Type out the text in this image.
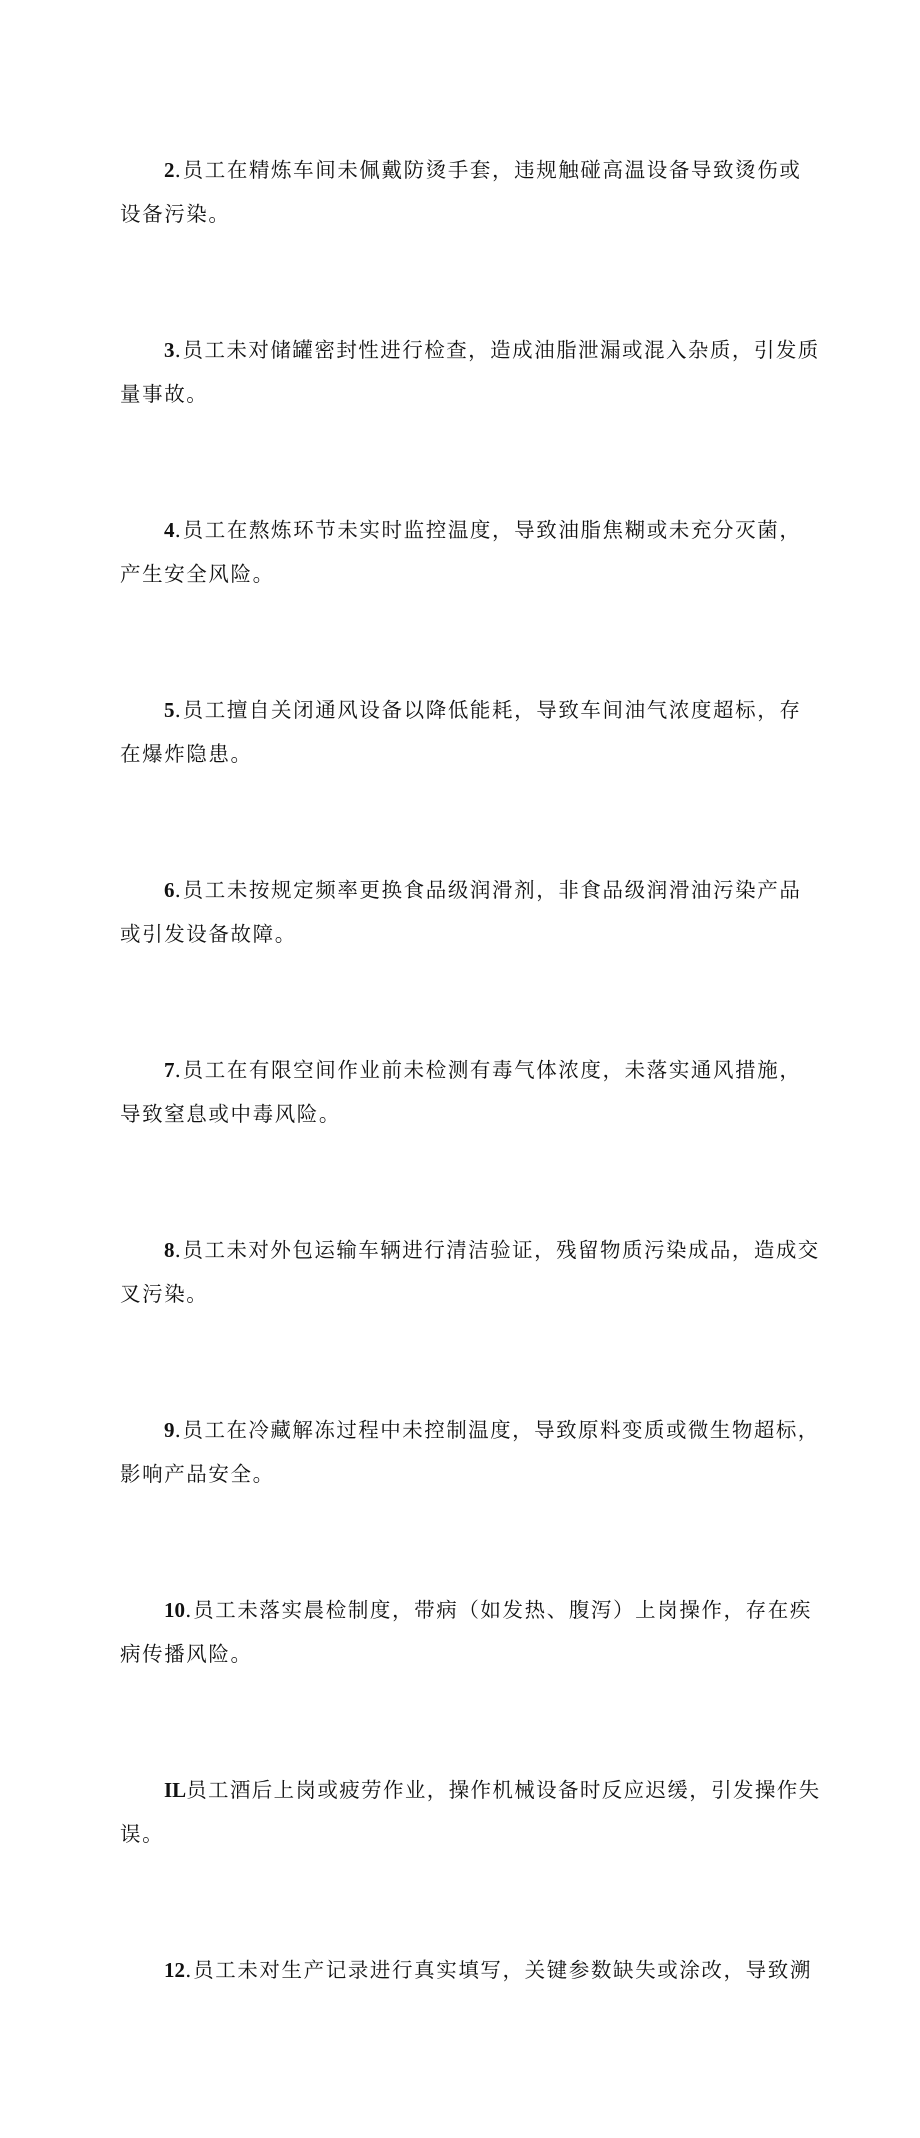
2.员工在精炼车间未佩戴防烫手套，违规触碰高温设备导致烫伤或
设备污染。
3.员工未对储罐密封性进行检查，造成油脂泄漏或混入杂质，引发质
量事故。
4.员工在熬炼环节未实时监控温度，导致油脂焦糊或未充分灭菌，
产生安全风险。
5.员工擅自关闭通风设备以降低能耗，导致车间油气浓度超标，存
在爆炸隐患。
6.员工未按规定频率更换食品级润滑剂，非食品级润滑油污染产品
或引发设备故障。
7.员工在有限空间作业前未检测有毒气体浓度，未落实通风措施，
导致窒息或中毒风险。
8.员工未对外包运输车辆进行清洁验证，残留物质污染成品，造成交
叉污染。
9.员工在冷藏解冻过程中未控制温度，导致原料变质或微生物超标，
影响产品安全。
10.员工未落实晨检制度，带病（如发热、腹泻）上岗操作，存在疾
病传播风险。
IL员工酒后上岗或疲劳作业，操作机械设备时反应迟缓，引发操作失
误。
12.员工未对生产记录进行真实填写，关键参数缺失或涂改，导致溯
